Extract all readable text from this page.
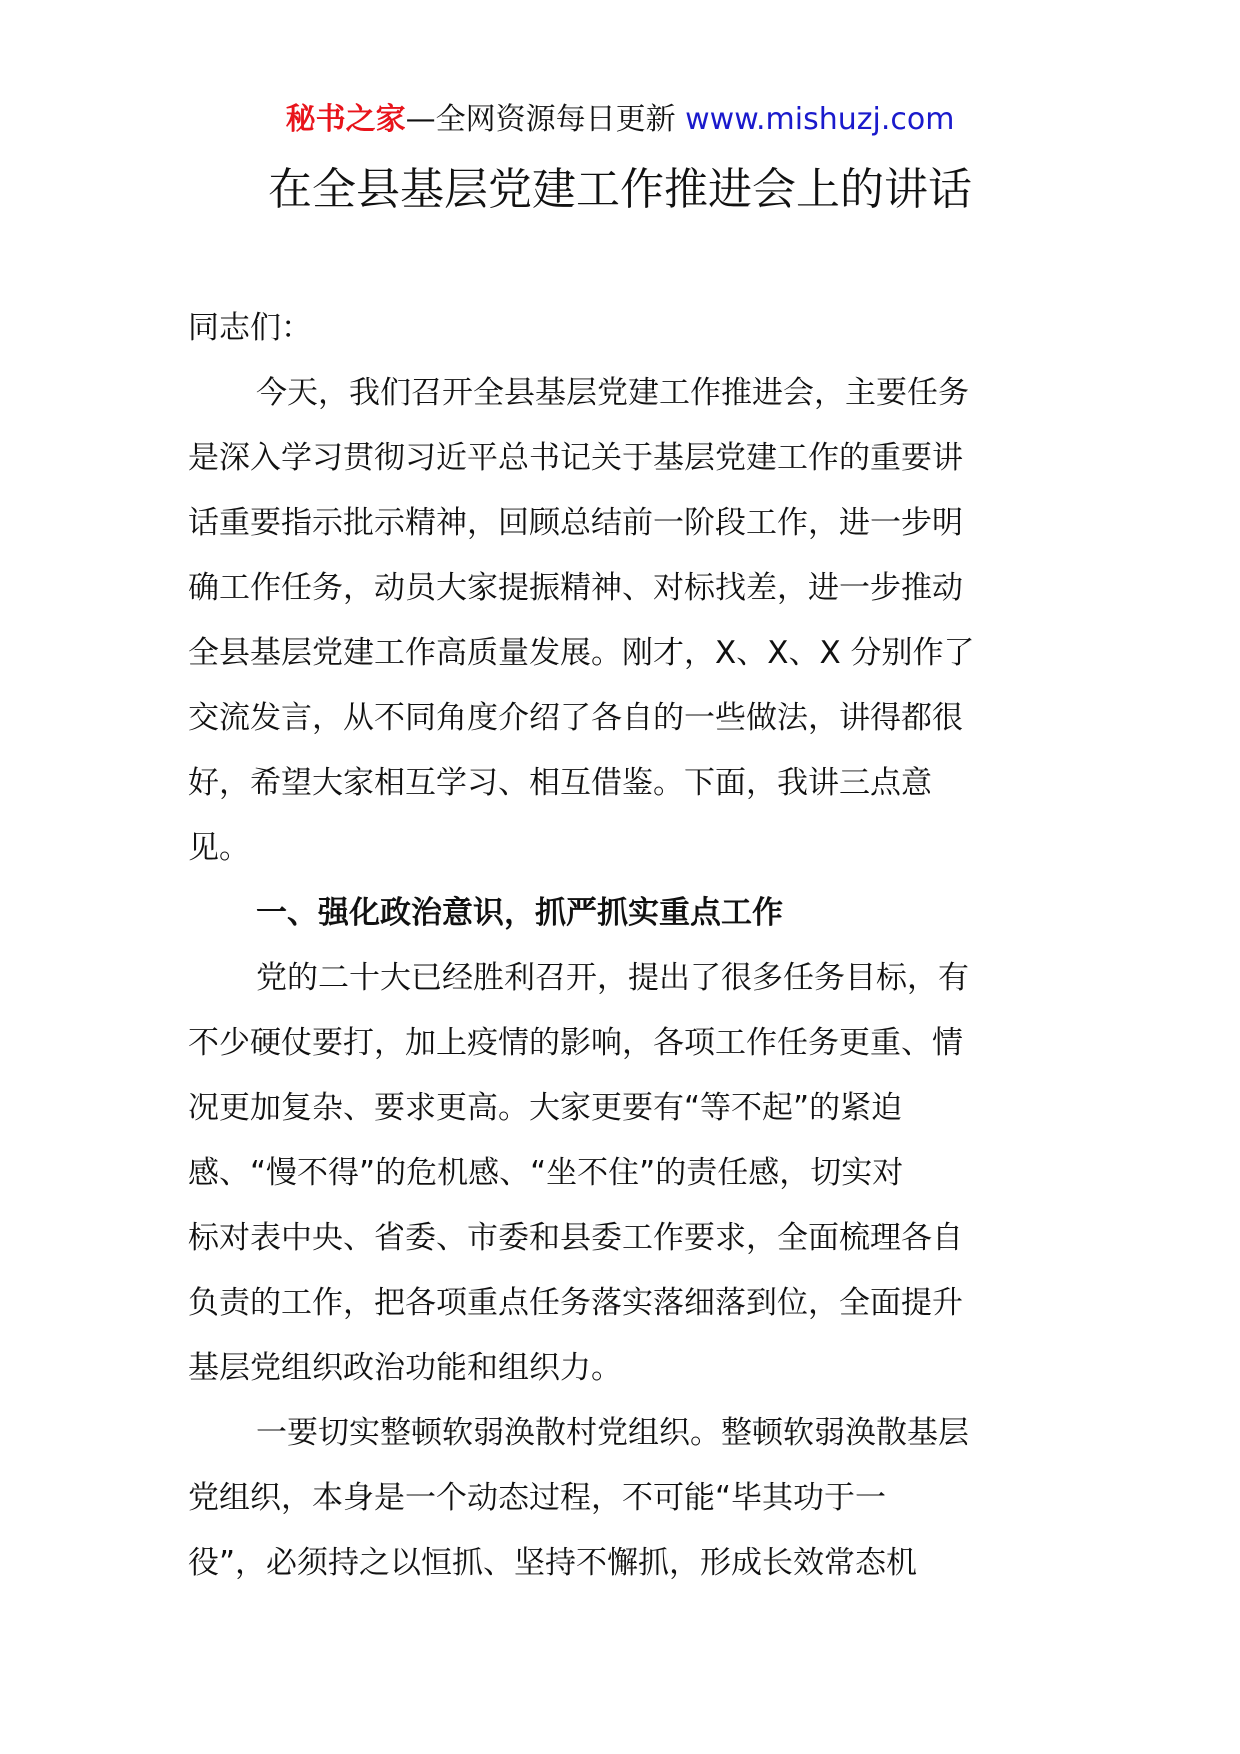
秘书之家—全网资源每日更新 www.mishuzj.com
在全县基层党建工作推进会上的讲话
同志们：
今天，我们召开全县基层党建工作推进会，主要任务
是深入学习贯彻习近平总书记关于基层党建工作的重要讲
话重要指示批示精神，回顾总结前一阶段工作，进一步明
确工作任务，动员大家提振精神、对标找差，进一步推动
全县基层党建工作高质量发展。刚才，X、X、X 分别作了
交流发言，从不同角度介绍了各自的一些做法，讲得都很
好，希望大家相互学习、相互借鉴。下面，我讲三点意
见。
一、强化政治意识，抓严抓实重点工作
党的二十大已经胜利召开，提出了很多任务目标，有
不少硬仗要打，加上疫情的影响，各项工作任务更重、情
况更加复杂、要求更高。大家更要有“等不起”的紧迫
感、“慢不得”的危机感、“坐不住”的责任感，切实对
标对表中央、省委、市委和县委工作要求，全面梳理各自
负责的工作，把各项重点任务落实落细落到位，全面提升
基层党组织政治功能和组织力。
一要切实整顿软弱涣散村党组织。整顿软弱涣散基层
党组织，本身是一个动态过程，不可能“毕其功于一
役”，必须持之以恒抓、坚持不懈抓，形成长效常态机
